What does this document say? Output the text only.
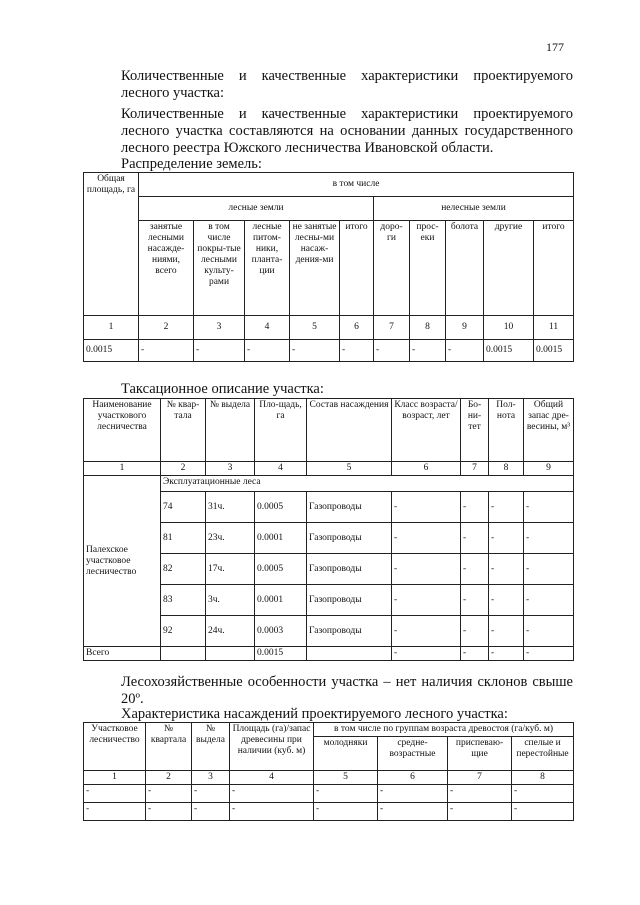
177
Количественные и качественные характеристики проектируемого лесного участка:
Количественные и качественные характеристики проектируемого лесного участка составляются на основании данных государственного лесного реестра Южского лесничества Ивановской области.
Распределение земель:
Общая площадь, га	в том числе									
	лесные земли					нелесные земли				
	занятые лесными насажде-ниями, всего	в том числе покры-тые лесными культу-рами	лесные питом-ники, планта-ции	не занятые лесны-ми насаж-дения-ми	итого	доро-ги	прос-еки	болота	другие	итого
1	2	3	4	5	6	7	8	9	10	11
0.0015	-	-	-	-	-	-	-	-	0.0015	0.0015
Таксационное описание участка:
Наименование участкового лесничества	№ квар-тала	№ выдела	Пло-щадь, га	Состав насаждения	Класс возраста/ возраст, лет	Бо-ни-тет	Пол-нота	Общий запас дре-весины, м³
1	2	3	4	5	6	7	8	9
Палехское участковое лесничество	Эксплуатационные леса							
	74	31ч.	0.0005	Газопроводы	-	-	-	-
	81	23ч.	0.0001	Газопроводы	-	-	-	-
	82	17ч.	0.0005	Газопроводы	-	-	-	-
	83	3ч.	0.0001	Газопроводы	-	-	-	-
	92	24ч.	0.0003	Газопроводы	-	-	-	-
Всего			0.0015		-	-	-	-
Лесохозяйственные особенности участка – нет наличия склонов свыше 20º.
Характеристика насаждений проектируемого лесного участка:
Участковое лесничество	№ квартала	№ выдела	Площадь (га)/запас древесины при наличии (куб. м)	в том числе по группам возраста древостоя (га/куб. м)			
				молодняки	средне-возрастные	приспеваю-щие	спелые и перестойные
1	2	3	4	5	6	7	8
-	-	-	-	-	-	-	-
-	-	-	-	-	-	-	-
